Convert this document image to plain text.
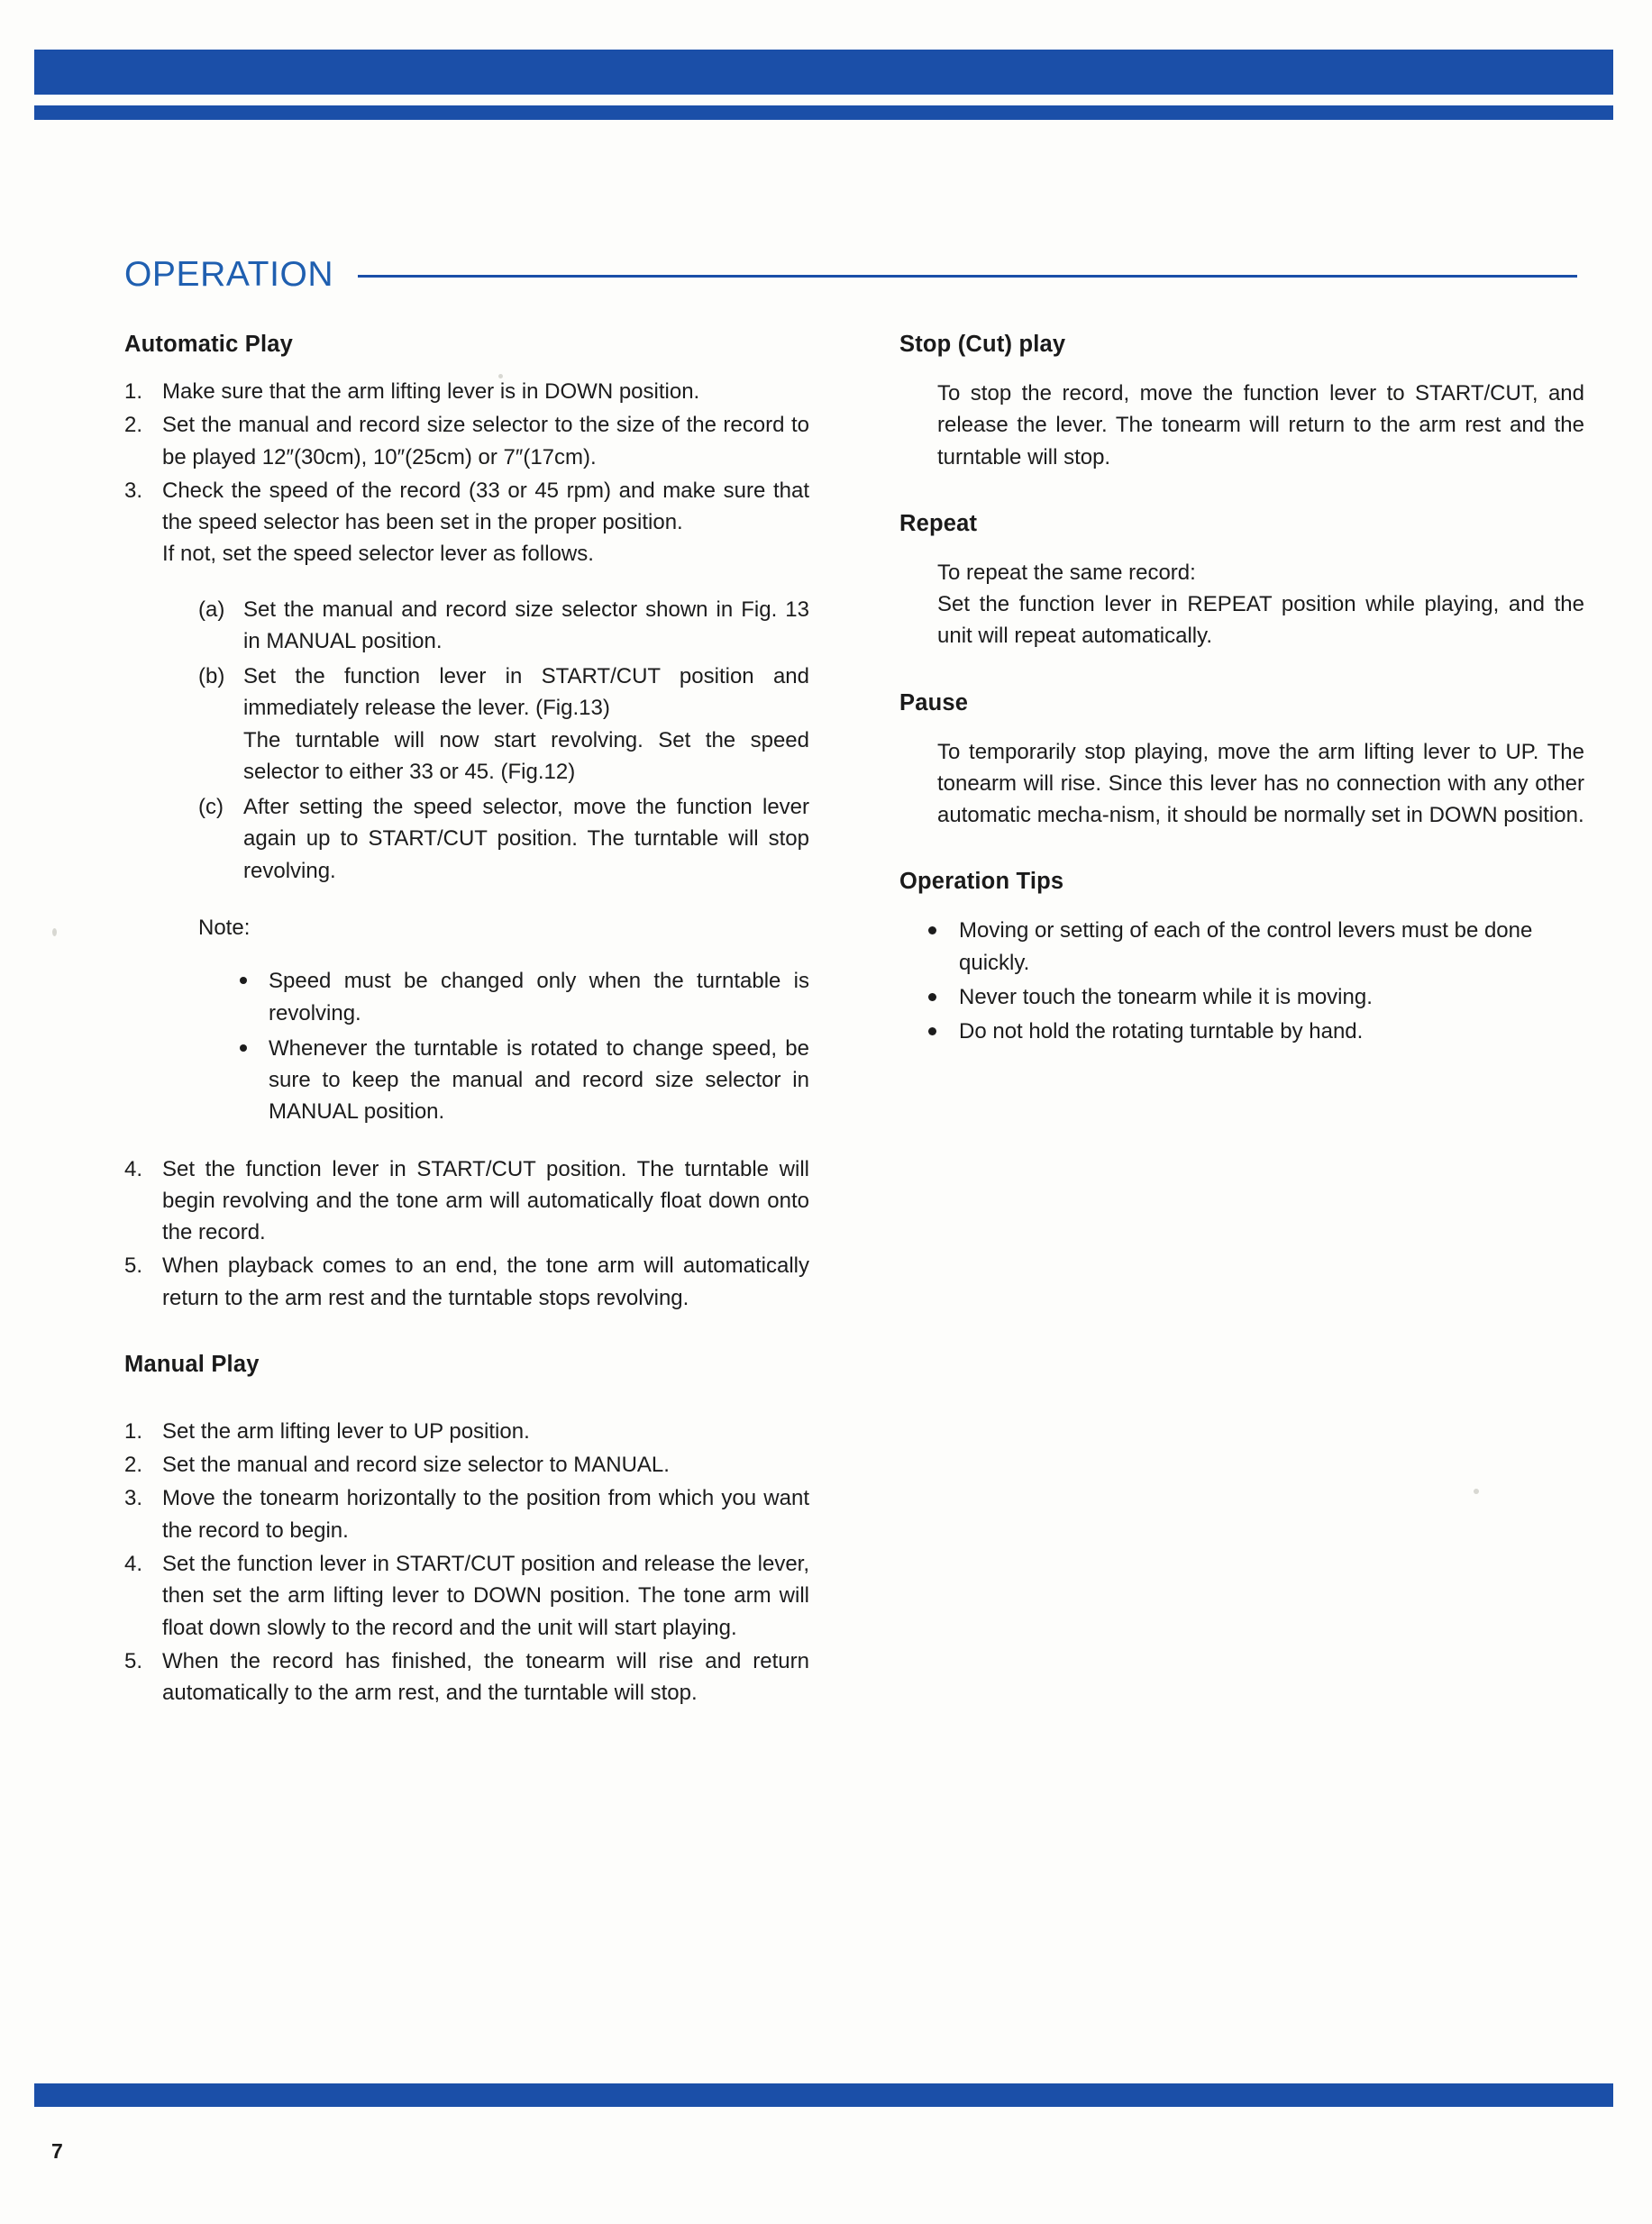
OPERATION
Automatic Play
1. Make sure that the arm lifting lever is in DOWN position.
2. Set the manual and record size selector to the size of the record to be played 12″(30cm), 10″(25cm) or 7″(17cm).
3. Check the speed of the record (33 or 45 rpm) and make sure that the speed selector has been set in the proper position.
If not, set the speed selector lever as follows.
(a) Set the manual and record size selector shown in Fig. 13 in MANUAL position.
(b) Set the function lever in START/CUT position and immediately release the lever. (Fig.13)
The turntable will now start revolving. Set the speed selector to either 33 or 45. (Fig.12)
(c) After setting the speed selector, move the function lever again up to START/CUT position. The turntable will stop revolving.
Note:
Speed must be changed only when the turntable is revolving.
Whenever the turntable is rotated to change speed, be sure to keep the manual and record size selector in MANUAL position.
4. Set the function lever in START/CUT position. The turntable will begin revolving and the tone arm will automatically float down onto the record.
5. When playback comes to an end, the tone arm will automatically return to the arm rest and the turntable stops revolving.
Manual Play
1. Set the arm lifting lever to UP position.
2. Set the manual and record size selector to MANUAL.
3. Move the tonearm horizontally to the position from which you want the record to begin.
4. Set the function lever in START/CUT position and release the lever, then set the arm lifting lever to DOWN position. The tone arm will float down slowly to the record and the unit will start playing.
5. When the record has finished, the tonearm will rise and return automatically to the arm rest, and the turntable will stop.
Stop (Cut) play

To stop the record, move the function lever to START/CUT, and release the lever. The tonearm will return to the arm rest and the turntable will stop.

Repeat

To repeat the same record:

Set the function lever in REPEAT position while playing, and the unit will repeat automatically.

Pause

To temporarily stop playing, move the arm lifting lever to UP. The tonearm will rise. Since this lever has no connection with any other automatic mecha-nism, it should be normally set in DOWN position.

Operation Tips
Moving or setting of each of the control levers must be done quickly.
Never touch the tonearm while it is moving.
Do not hold the rotating turntable by hand.
7
